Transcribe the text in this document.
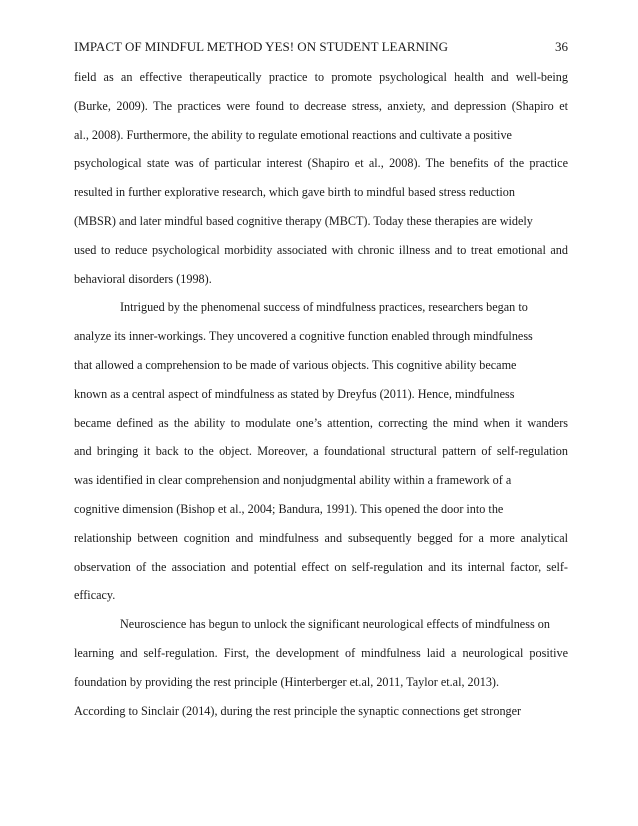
IMPACT OF MINDFUL METHOD YES! ON STUDENT LEARNING	36
field as an effective therapeutically practice to promote psychological health and well-being
(Burke, 2009). The practices were found to decrease stress, anxiety, and depression (Shapiro et
al., 2008). Furthermore, the ability to regulate emotional reactions and cultivate a positive
psychological state was of particular interest (Shapiro et al., 2008). The benefits of the practice
resulted in further explorative research, which gave birth to mindful based stress reduction
(MBSR) and later mindful based cognitive therapy (MBCT). Today these therapies are widely
used to reduce psychological morbidity associated with chronic illness and to treat emotional and
behavioral disorders (1998).
Intrigued by the phenomenal success of mindfulness practices, researchers began to
analyze its inner-workings. They uncovered a cognitive function enabled through mindfulness
that allowed a comprehension to be made of various objects. This cognitive ability became
known as a central aspect of mindfulness as stated by Dreyfus (2011). Hence, mindfulness
became defined as the ability to modulate one’s attention, correcting the mind when it wanders
and bringing it back to the object. Moreover, a foundational structural pattern of self-regulation
was identified in clear comprehension and nonjudgmental ability within a framework of a
cognitive dimension (Bishop et al., 2004; Bandura, 1991). This opened the door into the
relationship between cognition and mindfulness and subsequently begged for a more analytical
observation of the association and potential effect on self-regulation and its internal factor, self-
efficacy.
Neuroscience has begun to unlock the significant neurological effects of mindfulness on
learning and self-regulation. First, the development of mindfulness laid a neurological positive
foundation by providing the rest principle (Hinterberger et.al, 2011, Taylor et.al, 2013).
According to Sinclair (2014), during the rest principle the synaptic connections get stronger
